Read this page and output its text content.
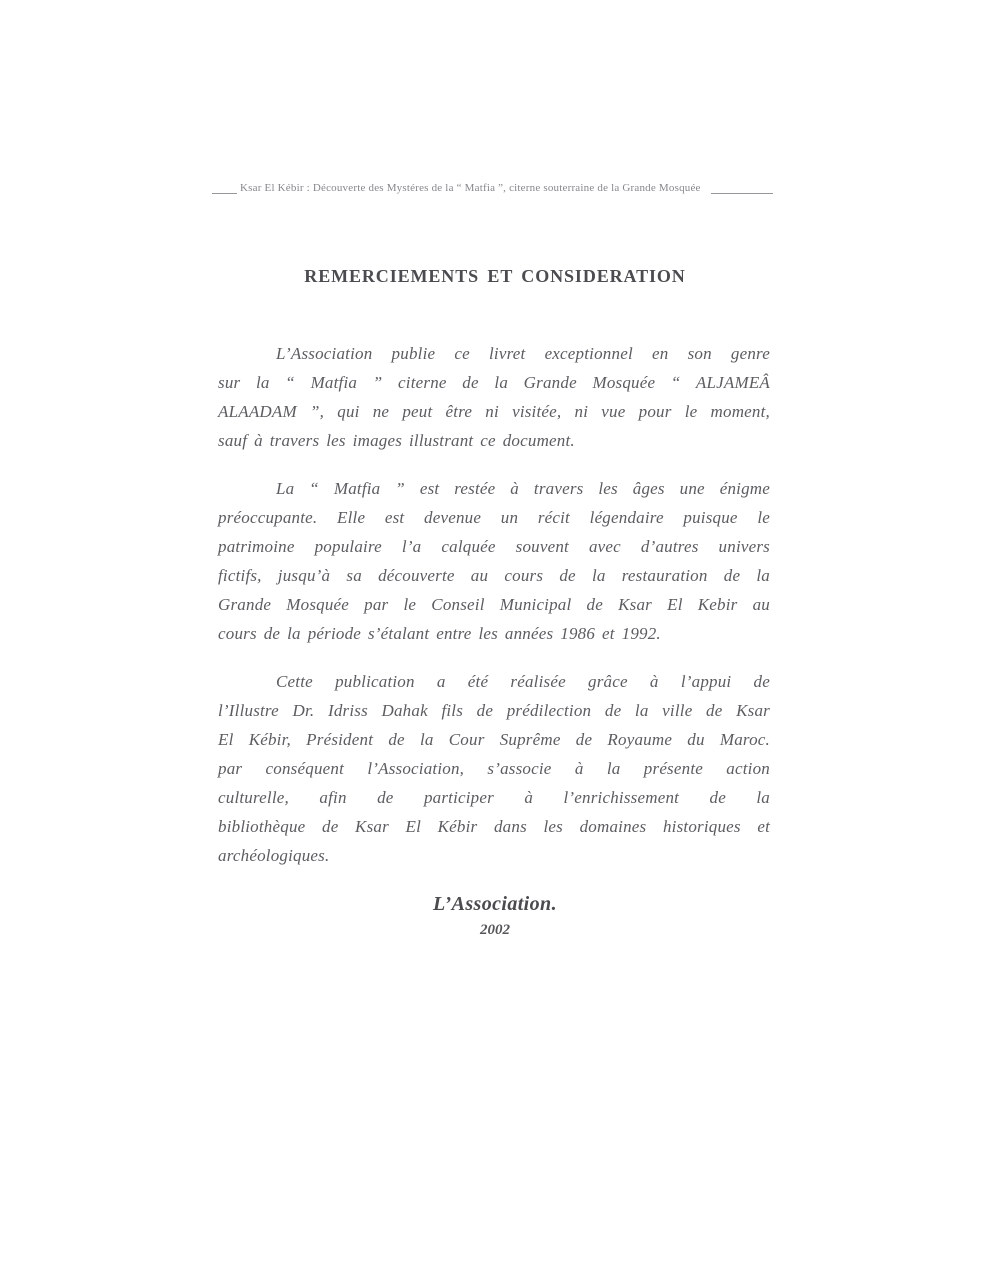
Ksar El Kébir : Découverte des Mystéres de la “ Matfia ”, citerne souterraine de la Grande Mosquée
REMERCIEMENTS ET CONSIDERATION
L’Association publie ce livret exceptionnel en son genre
sur la “ Matfia ” citerne de la Grande Mosquée “ ALJAMEÂ
ALAADAM ”, qui ne peut être ni visitée, ni vue pour le moment,
sauf à travers les images illustrant ce document.
La “ Matfia ” est restée à travers les âges une énigme
préoccupante. Elle est devenue un récit légendaire puisque le
patrimoine populaire l’a calquée souvent avec d’autres univers
fictifs, jusqu’à sa découverte au cours de la restauration de la
Grande Mosquée par le Conseil Municipal de Ksar El Kebir au
cours de la période s’étalant entre les années 1986 et 1992.
Cette publication a été réalisée grâce à l’appui de
l’Illustre Dr. Idriss Dahak fils de prédilection de la ville de Ksar
El Kébir, Président de la Cour Suprême de Royaume du Maroc.
par conséquent l’Association, s’associe à la présente action
culturelle, afin de participer à l’enrichissement de la
bibliothèque de Ksar El Kébir dans les domaines historiques et
archéologiques.
L’Association.
2002
